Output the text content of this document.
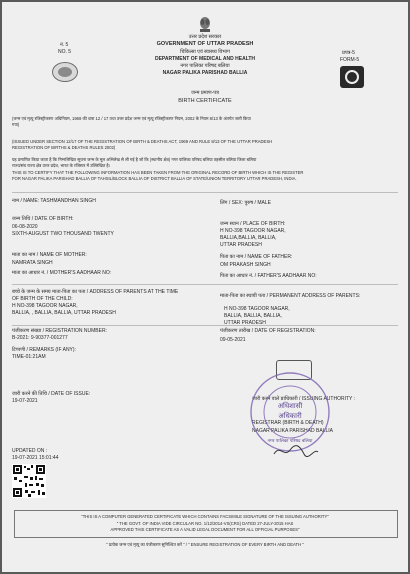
उत्तर प्रदेश सरकार
GOVERNMENT OF UTTAR PRADESH
चिकित्सा एवं स्वास्थ्य विभाग
DEPARTMENT OF MEDICAL AND HEALTH
नगर पालिका परिषद बलिया
NAGAR PALIKA PARISHAD BALLIA
जन्म प्रमाण-पत्र
BIRTH CERTIFICATE
नं. 5
NO. 5	प्रपत्र-5
FORM-5
(जन्म एवं मृत्यु रजिस्ट्रीकरण अधिनियम, 1969 की धारा 12 / 17 तथा उत्तर प्रदेश जन्म एवं मृत्यु रजिस्ट्रीकरण नियम, 2002 के नियम 8/13 के अंतर्गत जारी किया
गया)
(ISSUED UNDER SECTION 12/17 OF THE REGISTRATION OF BIRTH & DEATHS ACT, 1969 AND RULE 8/13 OF THE UTTAR PRADESH
REGISTRATION OF BIRTHS & DEATHS RULES 2002)
यह प्रमाणित किया जाता है कि निम्नलिखित सूचना जन्म के मूल अभिलेख से ली गई है जो कि (स्थानीय क्षेत्र) नगर पालिका परिषद बलिया तहसील बलिया जिला बलिया
राज्य/संघ राज्य क्षेत्र उत्तर प्रदेश, भारत के रजिस्टर में उल्लिखित है।
THIS IS TO CERTIFY THAT THE FOLLOWING INFORMATION HAS BEEN TAKEN FROM THE ORIGINAL RECORD OF BIRTH WHICH IS THE REGISTER
FOR NAGAR PALIKA PARISHAD BALLIA OF TAHSIL/BLOCK BALLIA OF DISTRICT BALLIA OF STATE/UNION TERRITORY UTTAR PRADESH, INDIA.
नाम / NAME: TASHMANDHAN SINGH	लिंग / SEX: पुरुष / MALE
जन्म तिथि / DATE OF BIRTH:
06-08-2020
SIXTH-AUGUST TWO THOUSAND TWENTY
जन्म स्थान / PLACE OF BIRTH:
H NO-398 TAGOOR NAGAR,
BALLIA,BALLIA, BALLIA,
UTTAR PRADESH
माता का नाम / NAME OF MOTHER:
NAMRATA SINGH
पिता का नाम / NAME OF FATHER:
OM PRAKASH SINGH
माता का आधार नं. / MOTHER'S AADHAAR NO:	पिता का आधार नं. / FATHER'S AADHAAR NO:
बच्चे के जन्म के समय माता-पिता का पता / ADDRESS OF PARENTS AT THE TIME
OF BIRTH OF THE CHILD:
H NO-398 TAGOOR NAGAR,
BALLIA, , BALLIA, BALLIA, UTTAR PRADESH
माता-पिता का स्थायी पता / PERMANENT ADDRESS OF PARENTS:
H NO-398 TAGOOR NAGAR,
BALLIA, BALLIA, BALLIA,
UTTAR PRADESH
पंजीकरण संख्या / REGISTRATION NUMBER:
B-2021: 9-90377-001277
पंजीकरण तारीख / DATE OF REGISTRATION:
09-05-2021
टिप्पणी / REMARKS (IF ANY):
TIME-01:21AM
जारी करने की तिथि / DATE OF ISSUE:
19-07-2021	जारी करने वाले प्राधिकारी / ISSUING AUTHORITY :
REGISTRAR (BIRTH & DEATH)
NAGAR PALIKA PARISHAD BALLIA
अधिशासी
अधिकारी
नगर पालिका परिषद बलिया
UPDATED ON :
19-07-2021 15:01:44
"THIS IS A COMPUTER GENERATED CERTIFICATE WHICH CONTAINS FACSIMILE SIGNATURE OF THE ISSUING AUTHORITY"
" THE GOVT. OF INDIA VIDE CIRCULAR NO. 1/12/2014-VS(CRS) DATED 27-JULY-2015 HAS
APPROVED THIS CERTIFICATE AS A VALID LEGAL DOCUMENT FOR ALL OFFICIAL PURPOSES"
" प्रत्येक जन्म एवं मृत्यु का पंजीकरण सुनिश्चित करें " / " ENSURE REGISTRATION OF EVERY BIRTH AND DEATH "
